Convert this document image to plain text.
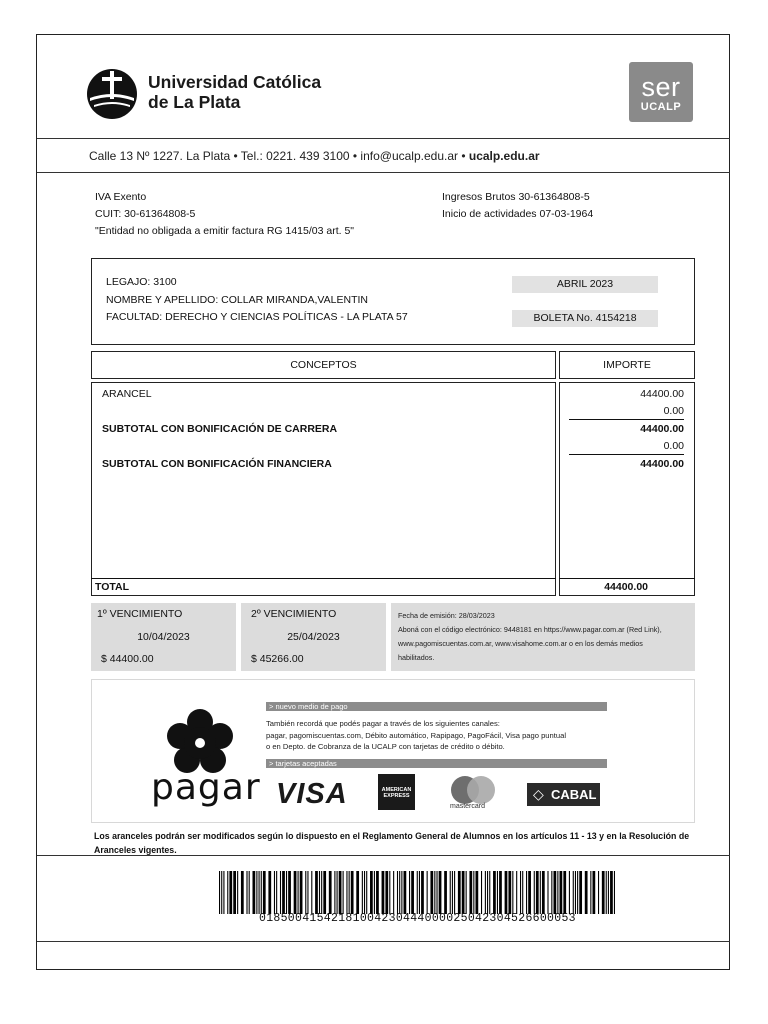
Universidad Católica
de La Plata	ser
UCALP
Calle 13 Nº 1227. La Plata • Tel.: 0221. 439 3100 • info@ucalp.edu.ar • ucalp.edu.ar
IVA Exento
CUIT: 30-61364808-5
"Entidad no obligada a emitir factura RG 1415/03 art. 5"
Ingresos Brutos 30-61364808-5
Inicio de actividades 07-03-1964
LEGAJO: 3100
NOMBRE Y APELLIDO: COLLAR MIRANDA,VALENTIN
FACULTAD: DERECHO Y CIENCIAS POLÍTICAS - LA PLATA 57
ABRIL 2023
BOLETA No. 4154218
CONCEPTOS	IMPORTE
ARANCEL	44400.00
0.00
SUBTOTAL CON BONIFICACIÓN DE CARRERA	44400.00
0.00
SUBTOTAL CON BONIFICACIÓN FINANCIERA	44400.00
TOTAL	44400.00
1º VENCIMIENTO
10/04/2023
$ 44400.00
2º VENCIMIENTO
25/04/2023
$ 45266.00
Fecha de emisión: 28/03/2023
Aboná con el código electrónico: 9448181 en https://www.pagar.com.ar (Red Link),
www.pagomiscuentas.com.ar, www.visahome.com.ar o en los demás medios
habilitados.
pagar
> nuevo medio de pago
También recordá que podés pagar a través de los siguientes canales:
pagar, pagomiscuentas.com, Débito automático, Rapipago, PagoFácil, Visa pago puntual
o en Depto. de Cobranza de la UCALP con tarjetas de crédito o débito.
> tarjetas aceptadas
VISA	AMERICAN
EXPRESS
mastercard
◇ CABAL
Los aranceles podrán ser modificados según lo dispuesto en el Reglamento General de Alumnos en los artículos 11 - 13 y en la Resolución de Aranceles vigentes.
01850041542181004230444000025042304526600053
